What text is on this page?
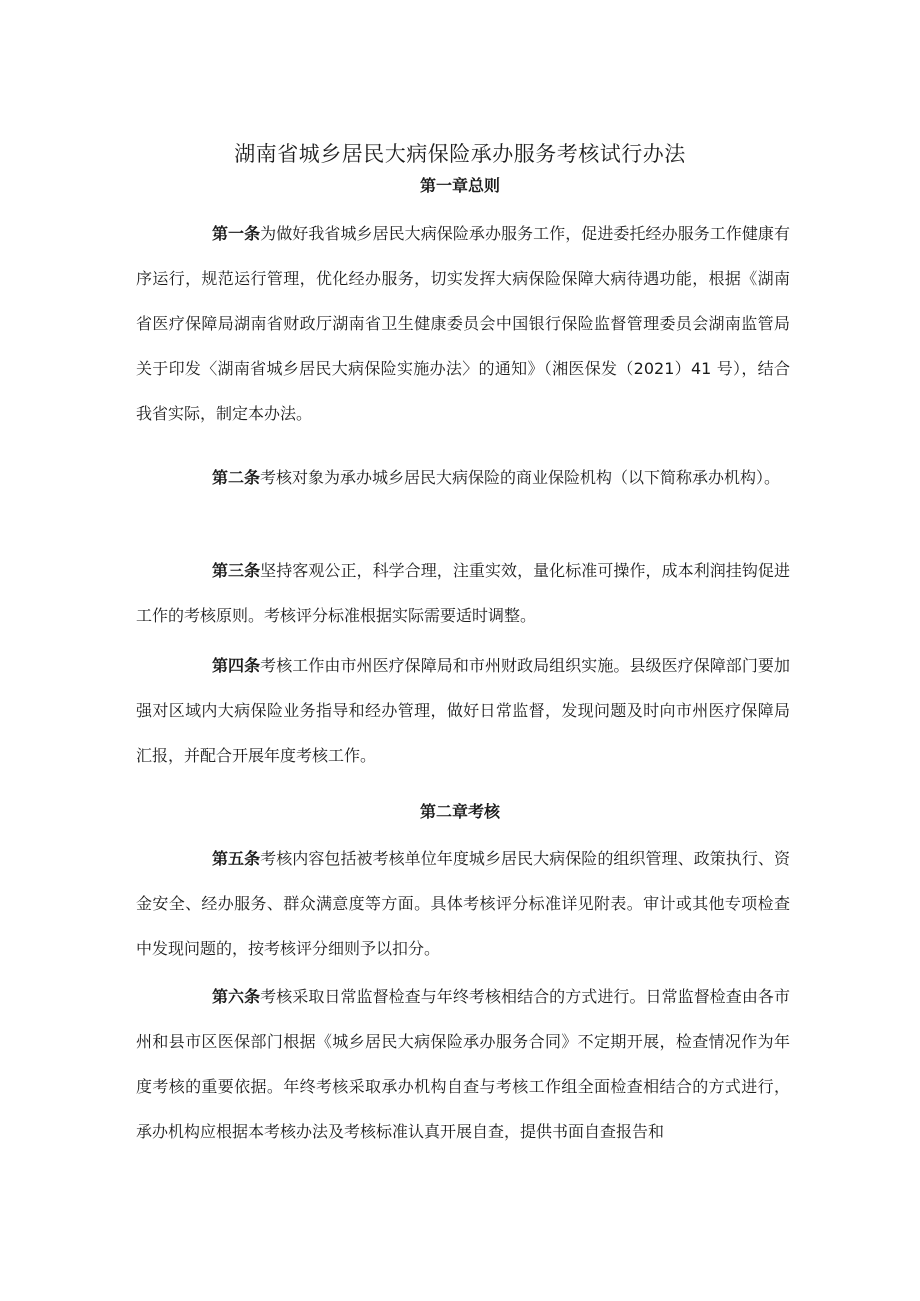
湖南省城乡居民大病保险承办服务考核试行办法
第一章总则

第一条为做好我省城乡居民大病保险承办服务工作，促进委托经办服务工作健康有序运行，规范运行管理，优化经办服务，切实发挥大病保险保障大病待遇功能，根据《湖南省医疗保障局湖南省财政厅湖南省卫生健康委员会中国银行保险监督管理委员会湖南监管局关于印发〈湖南省城乡居民大病保险实施办法〉的通知》（湘医保发（2021）41 号），结合我省实际，制定本办法。

第二条考核对象为承办城乡居民大病保险的商业保险机构（以下简称承办机构）。

第三条坚持客观公正，科学合理，注重实效，量化标准可操作，成本利润挂钩促进工作的考核原则。考核评分标准根据实际需要适时调整。

第四条考核工作由市州医疗保障局和市州财政局组织实施。县级医疗保障部门要加强对区域内大病保险业务指导和经办管理，做好日常监督，发现问题及时向市州医疗保障局汇报，并配合开展年度考核工作。

第二章考核

第五条考核内容包括被考核单位年度城乡居民大病保险的组织管理、政策执行、资金安全、经办服务、群众满意度等方面。具体考核评分标准详见附表。审计或其他专项检查中发现问题的，按考核评分细则予以扣分。

第六条考核采取日常监督检查与年终考核相结合的方式进行。日常监督检查由各市州和县市区医保部门根据《城乡居民大病保险承办服务合同》不定期开展，检查情况作为年度考核的重要依据。年终考核采取承办机构自查与考核工作组全面检查相结合的方式进行，承办机构应根据本考核办法及考核标准认真开展自查，提供书面自查报告和
